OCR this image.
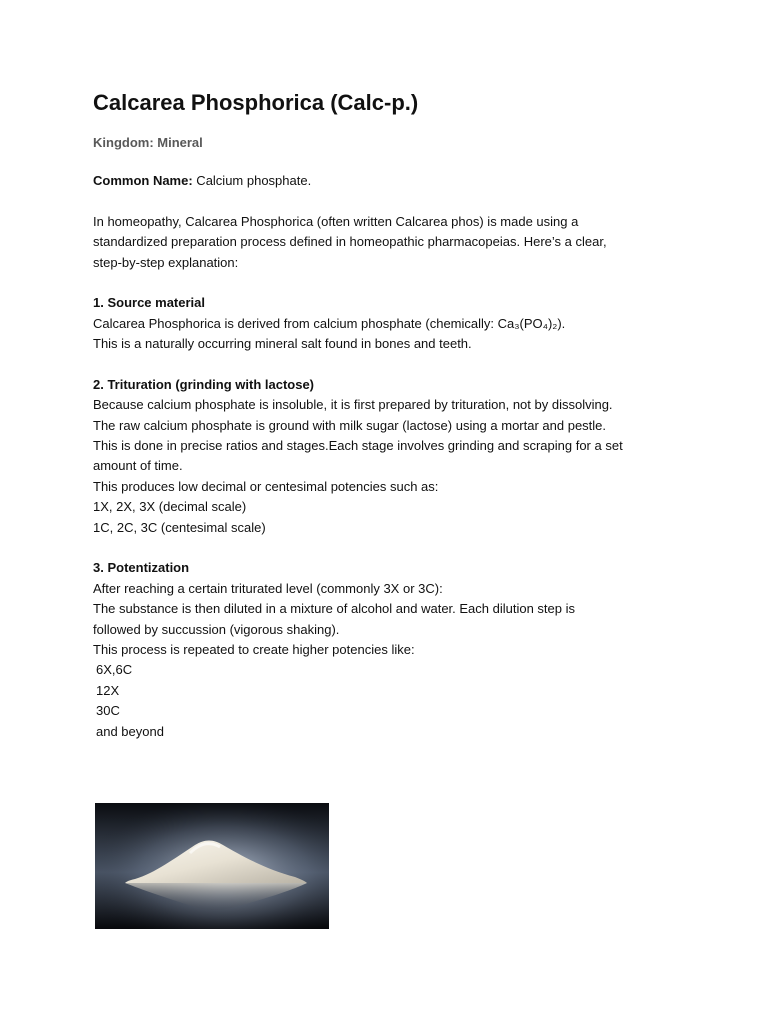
Calcarea Phosphorica (Calc-p.)
Kingdom: Mineral
Common Name: Calcium phosphate.
In homeopathy, Calcarea Phosphorica (often written Calcarea phos) is made using a
standardized preparation process defined in homeopathic pharmacopeias. Here’s a clear,
step-by-step explanation:
1. Source material
Calcarea Phosphorica is derived from calcium phosphate (chemically: Ca₃(PO₄)₂).
This is a naturally occurring mineral salt found in bones and teeth.
2. Trituration (grinding with lactose)
Because calcium phosphate is insoluble, it is first prepared by trituration, not by dissolving.
The raw calcium phosphate is ground with milk sugar (lactose) using a mortar and pestle.
This is done in precise ratios and stages.Each stage involves grinding and scraping for a set
amount of time.
This produces low decimal or centesimal potencies such as:
1X, 2X, 3X (decimal scale)
1C, 2C, 3C (centesimal scale)
3. Potentization
After reaching a certain triturated level (commonly 3X or 3C):
The substance is then diluted in a mixture of alcohol and water. Each dilution step is
followed by succussion (vigorous shaking).
This process is repeated to create higher potencies like:
6X,6C
12X
30C
and beyond
